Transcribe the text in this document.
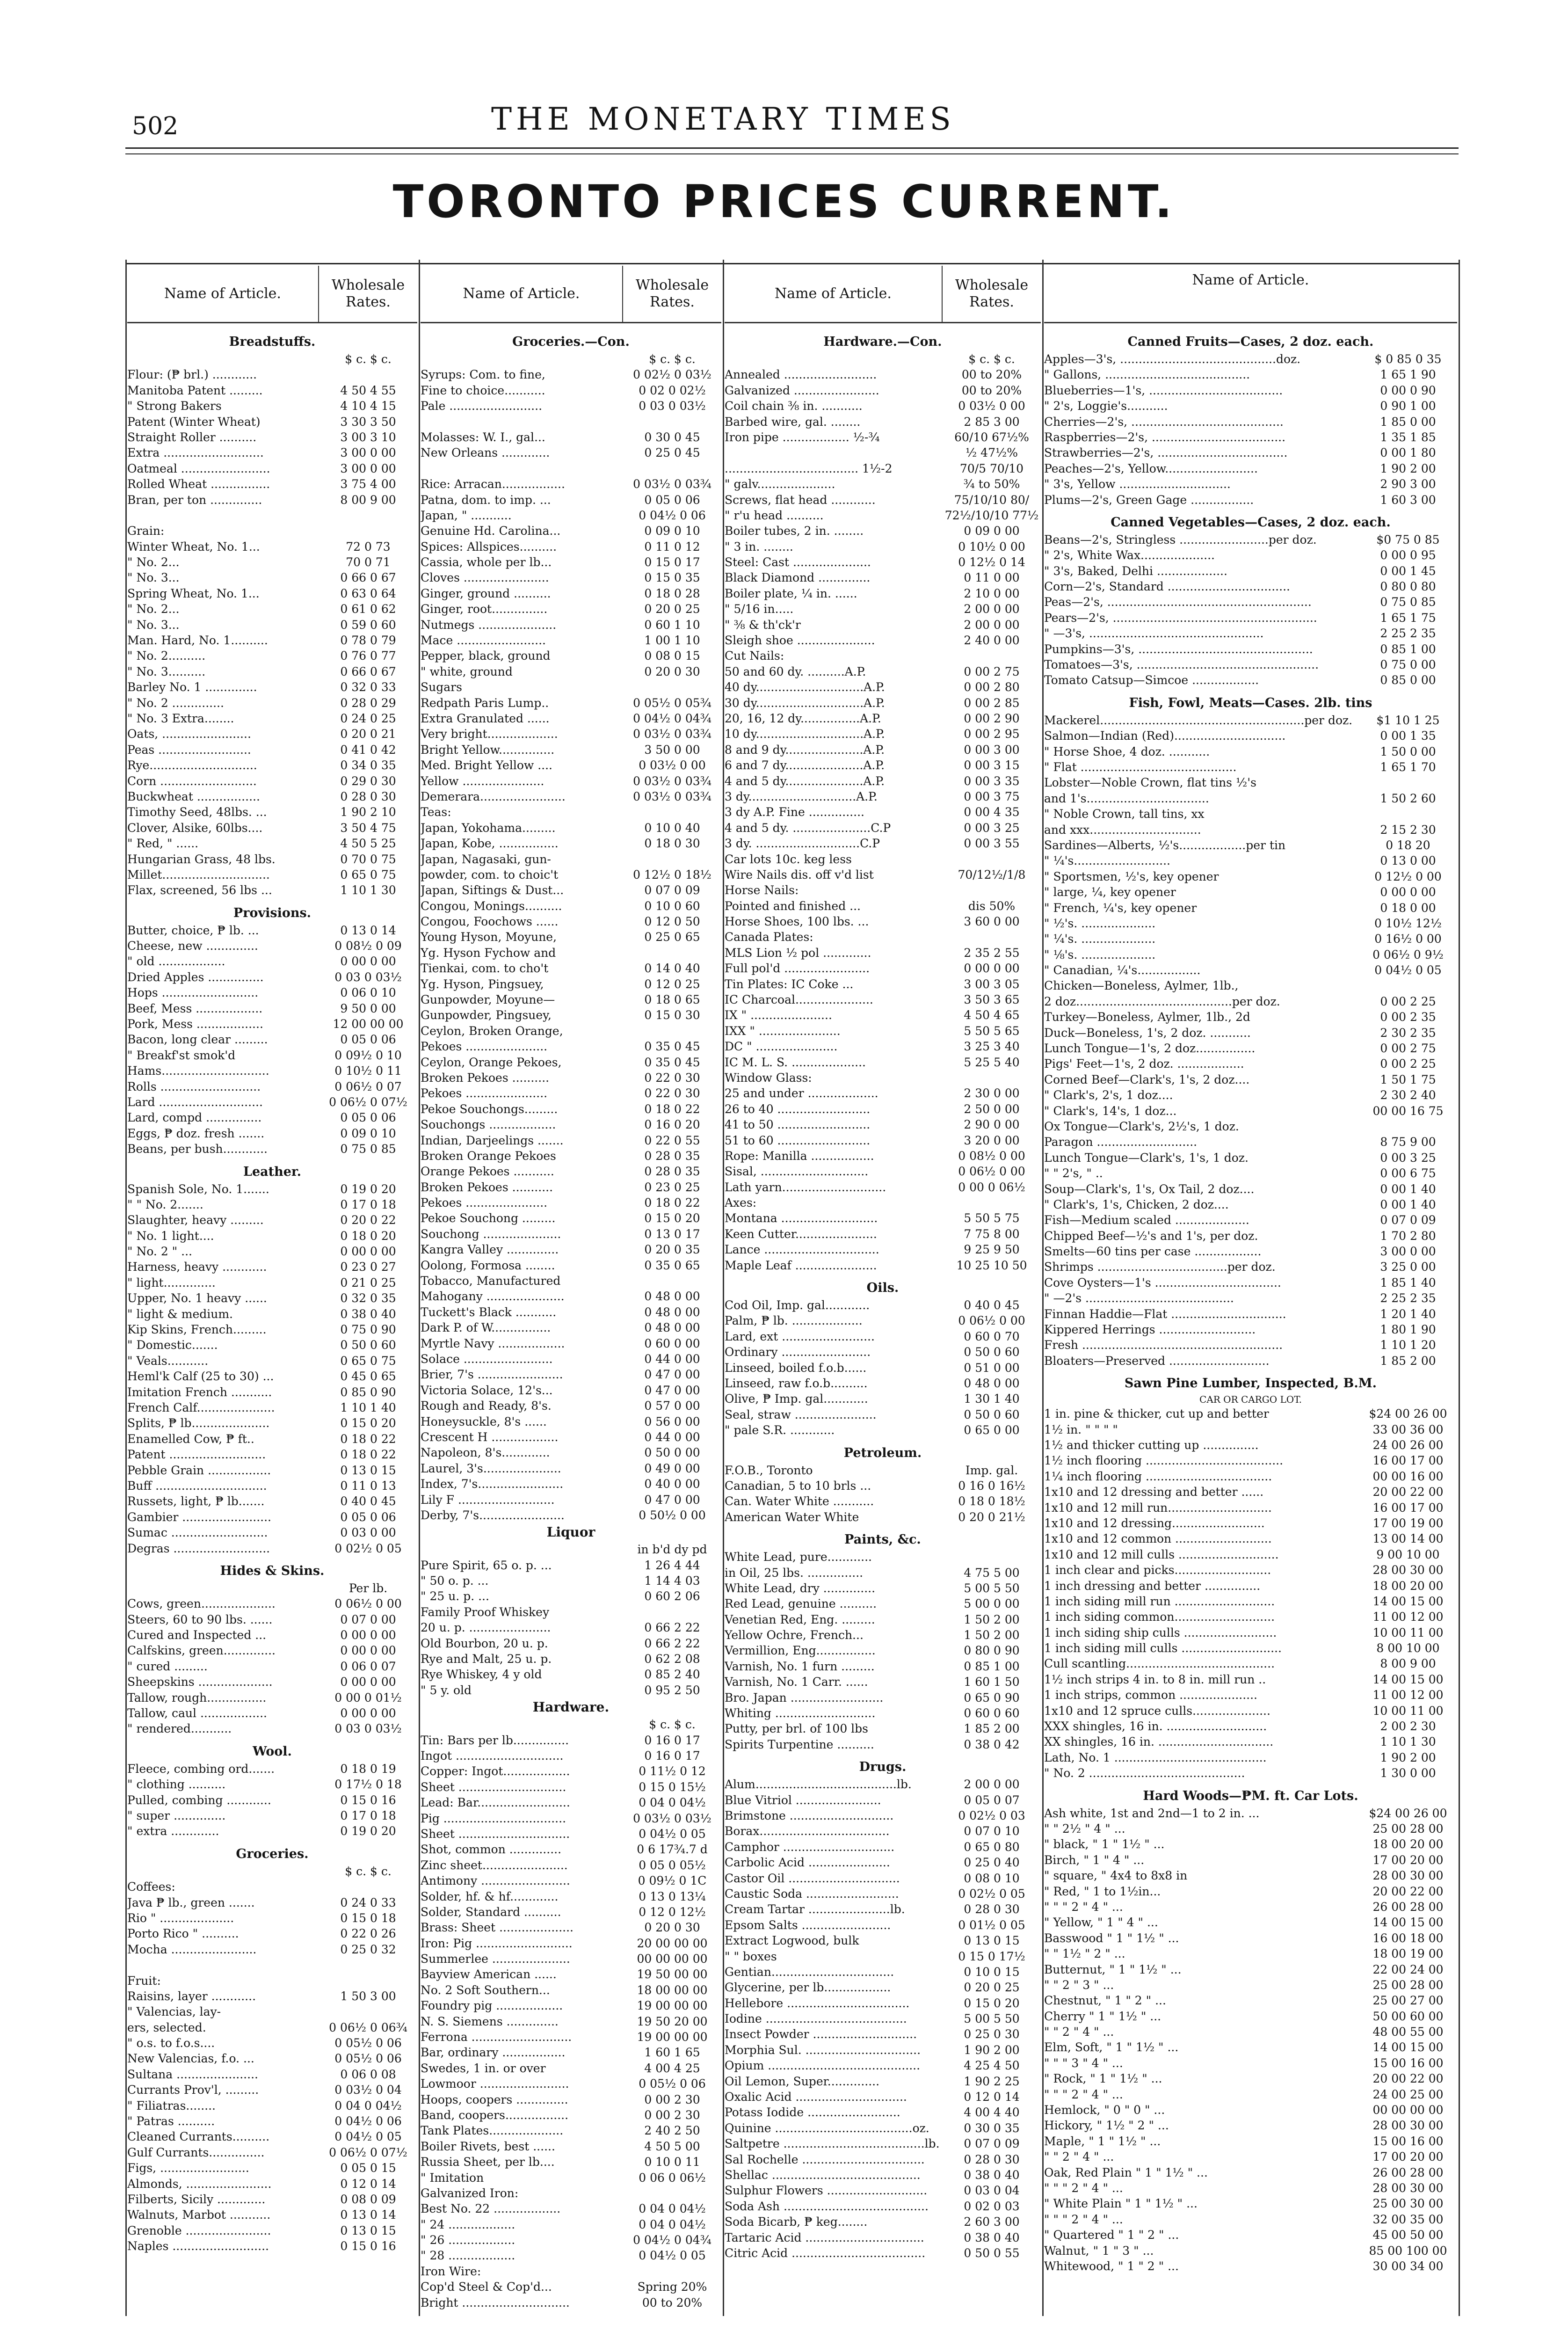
502	THE MONETARY TIMES
TORONTO PRICES CURRENT.
Name of Article.
Wholesale Rates.
Breadstuffs.
$ c. $ c.
Flour: (₱ brl.) ............
Manitoba Patent .........	4 50 4 55
" Strong Bakers	4 10 4 15
Patent (Winter Wheat)	3 30 3 50
Straight Roller ..........	3 00 3 10
Extra ...........................	3 00 0 00
Oatmeal ........................	3 00 0 00
Rolled Wheat ................	3 75 4 00
Bran, per ton ..............	8 00 9 00
Grain:
Winter Wheat, No. 1...	72 0 73
" No. 2...	70 0 71
" No. 3...	0 66 0 67
Spring Wheat, No. 1...	0 63 0 64
" No. 2...	0 61 0 62
" No. 3...	0 59 0 60
Man. Hard, No. 1..........	0 78 0 79
" No. 2..........	0 76 0 77
" No. 3..........	0 66 0 67
Barley No. 1 ..............	0 32 0 33
" No. 2 ..............	0 28 0 29
" No. 3 Extra........	0 24 0 25
Oats, ........................	0 20 0 21
Peas .........................	0 41 0 42
Rye.............................	0 34 0 35
Corn ..........................	0 29 0 30
Buckwheat .................	0 28 0 30
Timothy Seed, 48lbs. ...	1 90 2 10
Clover, Alsike, 60lbs....	3 50 4 75
" Red, " ......	4 50 5 25
Hungarian Grass, 48 lbs.	0 70 0 75
Millet.............................	0 65 0 75
Flax, screened, 56 lbs ...	1 10 1 30
Provisions.
Butter, choice, ₱ lb. ...	0 13 0 14
Cheese, new ..............	0 08½ 0 09
" old ..................	0 00 0 00
Dried Apples ...............	0 03 0 03½
Hops ..........................	0 06 0 10
Beef, Mess ..................	9 50 0 00
Pork, Mess ..................	12 00 00 00
Bacon, long clear .........	0 05 0 06
" Breakf'st smok'd	0 09½ 0 10
Hams.............................	0 10½ 0 11
Rolls ...........................	0 06½ 0 07
Lard ............................	0 06½ 0 07½
Lard, compd ...............	0 05 0 06
Eggs, ₱ doz. fresh .......	0 09 0 10
Beans, per bush............	0 75 0 85
Leather.
Spanish Sole, No. 1.......	0 19 0 20
" " No. 2.......	0 17 0 18
Slaughter, heavy .........	0 20 0 22
" No. 1 light....	0 18 0 20
" No. 2 " ...	0 00 0 00
Harness, heavy ............	0 23 0 27
" light..............	0 21 0 25
Upper, No. 1 heavy ......	0 32 0 35
" light & medium.	0 38 0 40
Kip Skins, French.........	0 75 0 90
" Domestic.......	0 50 0 60
" Veals...........	0 65 0 75
Heml'k Calf (25 to 30) ...	0 45 0 65
Imitation French ...........	0 85 0 90
French Calf.....................	1 10 1 40
Splits, ₱ lb.....................	0 15 0 20
Enamelled Cow, ₱ ft..	0 18 0 22
Patent ..........................	0 18 0 22
Pebble Grain .................	0 13 0 15
Buff ..............................	0 11 0 13
Russets, light, ₱ lb.......	0 40 0 45
Gambier ........................	0 05 0 06
Sumac ..........................	0 03 0 00
Degras ..........................	0 02½ 0 05
Hides & Skins.
Per lb.
Cows, green....................	0 06½ 0 00
Steers, 60 to 90 lbs. ......	0 07 0 00
Cured and Inspected ...	0 00 0 00
Calfskins, green..............	0 00 0 00
" cured .........	0 06 0 07
Sheepskins ....................	0 00 0 00
Tallow, rough................	0 00 0 01½
Tallow, caul ..................	0 00 0 00
" rendered...........	0 03 0 03½
Wool.
Fleece, combing ord.......	0 18 0 19
" clothing ..........	0 17½ 0 18
Pulled, combing ............	0 15 0 16
" super ..............	0 17 0 18
" extra .............	0 19 0 20
Groceries.
$ c. $ c.
Coffees:
Java ₱ lb., green .......	0 24 0 33
Rio " ....................	0 15 0 18
Porto Rico " ..........	0 22 0 26
Mocha .......................	0 25 0 32
Fruit:
Raisins, layer ............	1 50 3 00
" Valencias, lay-
ers, selected.	0 06½ 0 06¾
" o.s. to f.o.s....	0 05½ 0 06
New Valencias, f.o. ...	0 05½ 0 06
Sultana ......................	0 06 0 08
Currants Prov'l, .........	0 03½ 0 04
" Filiatras........	0 04 0 04½
" Patras ..........	0 04½ 0 06
Cleaned Currants..........	0 04½ 0 05
Gulf Currants...............	0 06½ 0 07½
Figs, ........................	0 05 0 15
Almonds, .......................	0 12 0 14
Filberts, Sicily .............	0 08 0 09
Walnuts, Marbot ...........	0 13 0 14
Grenoble .......................	0 13 0 15
Naples ..........................	0 15 0 16
Name of Article.
Wholesale Rates.
Groceries.—Con.
$ c. $ c.
Syrups: Com. to fine,	0 02½ 0 03½
Fine to choice...........	0 02 0 02½
Pale .........................	0 03 0 03½
Molasses: W. I., gal...	0 30 0 45
New Orleans .............	0 25 0 45
Rice: Arracan.................	0 03½ 0 03¾
Patna, dom. to imp. ...	0 05 0 06
Japan, " ...........	0 04½ 0 06
Genuine Hd. Carolina...	0 09 0 10
Spices: Allspices..........	0 11 0 12
Cassia, whole per lb...	0 15 0 17
Cloves .......................	0 15 0 35
Ginger, ground ..........	0 18 0 28
Ginger, root...............	0 20 0 25
Nutmegs .....................	0 60 1 10
Mace ........................	1 00 1 10
Pepper, black, ground	0 08 0 15
" white, ground	0 20 0 30
Sugars
Redpath Paris Lump..	0 05½ 0 05¾
Extra Granulated ......	0 04½ 0 04¾
Very bright...................	0 03½ 0 03¾
Bright Yellow...............	3 50 0 00
Med. Bright Yellow ....	0 03½ 0 00
Yellow ......................	0 03½ 0 03¾
Demerara.......................	0 03½ 0 03¾
Teas:
Japan, Yokohama.........	0 10 0 40
Japan, Kobe, ................	0 18 0 30
Japan, Nagasaki, gun-
powder, com. to choic't	0 12½ 0 18½
Japan, Siftings & Dust...	0 07 0 09
Congou, Monings..........	0 10 0 60
Congou, Foochows ......	0 12 0 50
Young Hyson, Moyune,	0 25 0 65
Yg. Hyson Fychow and
Tienkai, com. to cho't	0 14 0 40
Yg. Hyson, Pingsuey,	0 12 0 25
Gunpowder, Moyune—	0 18 0 65
Gunpowder, Pingsuey,	0 15 0 30
Ceylon, Broken Orange,
Pekoes ......................	0 35 0 45
Ceylon, Orange Pekoes,	0 35 0 45
Broken Pekoes ..........	0 22 0 30
Pekoes ......................	0 22 0 30
Pekoe Souchongs.........	0 18 0 22
Souchongs ..................	0 16 0 20
Indian, Darjeelings .......	0 22 0 55
Broken Orange Pekoes	0 28 0 35
Orange Pekoes ...........	0 28 0 35
Broken Pekoes ...........	0 23 0 25
Pekoes ......................	0 18 0 22
Pekoe Souchong .........	0 15 0 20
Souchong .....................	0 13 0 17
Kangra Valley ..............	0 20 0 35
Oolong, Formosa ........	0 35 0 65
Tobacco, Manufactured
Mahogany .....................	0 48 0 00
Tuckett's Black ...........	0 48 0 00
Dark P. of W................	0 48 0 00
Myrtle Navy ..................	0 60 0 00
Solace ........................	0 44 0 00
Brier, 7's .......................	0 47 0 00
Victoria Solace, 12's...	0 47 0 00
Rough and Ready, 8's.	0 57 0 00
Honeysuckle, 8's ......	0 56 0 00
Crescent H ..................	0 44 0 00
Napoleon, 8's.............	0 50 0 00
Laurel, 3's.....................	0 49 0 00
Index, 7's.......................	0 40 0 00
Lily F ..........................	0 47 0 00
Derby, 7's.......................	0 50½ 0 00
Liquor
in b'd dy pd
Pure Spirit, 65 o. p. ...	1 26 4 44
" 50 o. p. ...	1 14 4 03
" 25 u. p. ...	0 60 2 06
Family Proof Whiskey
20 u. p. ......................	0 66 2 22
Old Bourbon, 20 u. p.	0 66 2 22
Rye and Malt, 25 u. p.	0 62 2 08
Rye Whiskey, 4 y old	0 85 2 40
" 5 y. old	0 95 2 50
Hardware.
$ c. $ c.
Tin: Bars per lb...............	0 16 0 17
Ingot .............................	0 16 0 17
Copper: Ingot..................	0 11½ 0 12
Sheet .............................	0 15 0 15½
Lead: Bar.........................	0 04 0 04½
Pig .................................	0 03½ 0 03½
Sheet ..............................	0 04½ 0 05
Shot, common ..............	0 6 17¾.7 d
Zinc sheet.......................	0 05 0 05½
Antimony ........................	0 09½ 0 1C
Solder, hf. & hf.............	0 13 0 13¼
Solder, Standard ..........	0 12 0 12½
Brass: Sheet ....................	0 20 0 30
Iron: Pig ..........................	20 00 00 00
Summerlee .....................	00 00 00 00
Bayview American ......	19 50 00 00
No. 2 Soft Southern...	18 00 00 00
Foundry pig ..................	19 00 00 00
N. S. Siemens ..............	19 50 20 00
Ferrona ...........................	19 00 00 00
Bar, ordinary .................	1 60 1 65
Swedes, 1 in. or over	4 00 4 25
Lowmoor ........................	0 05½ 0 06
Hoops, coopers ..............	0 00 2 30
Band, coopers.................	0 00 2 30
Tank Plates....................	2 40 2 50
Boiler Rivets, best ......	4 50 5 00
Russia Sheet, per lb....	0 10 0 11
" Imitation	0 06 0 06½
Galvanized Iron:
Best No. 22 ..................	0 04 0 04½
" 24 ..................	0 04 0 04½
" 26 ..................	0 04½ 0 04¾
" 28 ..................	0 04½ 0 05
Iron Wire:
Cop'd Steel & Cop'd...	Spring 20%
Bright .............................	00 to 20%
Name of Article.
Wholesale Rates.
Hardware.—Con.
$ c. $ c.
Annealed .........................	00 to 20%
Galvanized .......................	00 to 20%
Coil chain ⅜ in. ...........	0 03½ 0 00
Barbed wire, gal. ........	2 85 3 00
Iron pipe .................. ½-¾	60/10 67½%
½ 47½%
.................................... 1½-2	70/5 70/10
" galv.....................	¾ to 50%
Screws, flat head ............	75/10/10 80/
" r'u head ..........	72½/10/10 77½
Boiler tubes, 2 in. ........	0 09 0 00
" 3 in. ........	0 10½ 0 00
Steel: Cast .....................	0 12½ 0 14
Black Diamond ..............	0 11 0 00
Boiler plate, ¼ in. ......	2 10 0 00
" 5/16 in.....	2 00 0 00
" ⅜ & th'ck'r	2 00 0 00
Sleigh shoe .....................	2 40 0 00
Cut Nails:
50 and 60 dy. ..........A.P.	0 00 2 75
40 dy.............................A.P.	0 00 2 80
30 dy.............................A.P.	0 00 2 85
20, 16, 12 dy................A.P.	0 00 2 90
10 dy.............................A.P.	0 00 2 95
8 and 9 dy.....................A.P.	0 00 3 00
6 and 7 dy.....................A.P.	0 00 3 15
4 and 5 dy.....................A.P.	0 00 3 35
3 dy.............................A.P.	0 00 3 75
3 dy A.P. Fine ...............	0 00 4 35
4 and 5 dy. .....................C.P	0 00 3 25
3 dy. ............................C.P	0 00 3 55
Car lots 10c. keg less
Wire Nails dis. off v'd list	70/12½/1/8
Horse Nails:
Pointed and finished ...	dis 50%
Horse Shoes, 100 lbs. ...	3 60 0 00
Canada Plates:
MLS Lion ½ pol .............	2 35 2 55
Full pol'd .......................	0 00 0 00
Tin Plates: IC Coke ...	3 00 3 05
IC Charcoal.....................	3 50 3 65
IX " ......................	4 50 4 65
IXX " ......................	5 50 5 65
DC " ......................	3 25 3 40
IC M. L. S. ....................	5 25 5 40
Window Glass:
25 and under ...................	2 30 0 00
26 to 40 .........................	2 50 0 00
41 to 50 .........................	2 90 0 00
51 to 60 .........................	3 20 0 00
Rope: Manilla .................	0 08½ 0 00
Sisal, .............................	0 06½ 0 00
Lath yarn............................	0 00 0 06½
Axes:
Montana ..........................	5 50 5 75
Keen Cutter......................	7 75 8 00
Lance ...............................	9 25 9 50
Maple Leaf ......................	10 25 10 50
Oils.
Cod Oil, Imp. gal............	0 40 0 45
Palm, ₱ lb. ...................	0 06½ 0 00
Lard, ext .........................	0 60 0 70
Ordinary ........................	0 50 0 60
Linseed, boiled f.o.b......	0 51 0 00
Linseed, raw f.o.b..........	0 48 0 00
Olive, ₱ Imp. gal............	1 30 1 40
Seal, straw ......................	0 50 0 60
" pale S.R. ............	0 65 0 00
Petroleum.
F.O.B., Toronto	Imp. gal.
Canadian, 5 to 10 brls ...	0 16 0 16½
Can. Water White ...........	0 18 0 18½
American Water White	0 20 0 21½
Paints, &c.
White Lead, pure............
in Oil, 25 lbs. ...............	4 75 5 00
White Lead, dry ..............	5 00 5 50
Red Lead, genuine ..........	5 00 0 00
Venetian Red, Eng. .........	1 50 2 00
Yellow Ochre, French...	1 50 2 00
Vermillion, Eng................	0 80 0 90
Varnish, No. 1 furn .........	0 85 1 00
Varnish, No. 1 Carr. ......	1 60 1 50
Bro. Japan .........................	0 65 0 90
Whiting ...........................	0 60 0 60
Putty, per brl. of 100 lbs	1 85 2 00
Spirits Turpentine ..........	0 38 0 42
Drugs.
Alum......................................lb.	2 00 0 00
Blue Vitriol .......................	0 05 0 07
Brimstone ............................	0 02½ 0 03
Borax...................................	0 07 0 10
Camphor ..............................	0 65 0 80
Carbolic Acid ......................	0 25 0 40
Castor Oil ..............................	0 08 0 10
Caustic Soda .........................	0 02½ 0 05
Cream Tartar ......................lb.	0 28 0 30
Epsom Salts ........................	0 01½ 0 05
Extract Logwood, bulk	0 13 0 15
" " boxes	0 15 0 17½
Gentian.................................	0 10 0 15
Glycerine, per lb..................	0 20 0 25
Hellebore .................................	0 15 0 20
Iodine ......................................	5 00 5 50
Insect Powder ............................	0 25 0 30
Morphia Sul. ...............................	1 90 2 00
Opium .........................................	4 25 4 50
Oil Lemon, Super..............	1 90 2 25
Oxalic Acid ..............................	0 12 0 14
Potass Iodide .........................	4 00 4 40
Quinine .....................................oz.	0 30 0 35
Saltpetre ......................................lb.	0 07 0 09
Sal Rochelle .................................	0 28 0 30
Shellac ........................................	0 38 0 40
Sulphur Flowers ...........................	0 03 0 04
Soda Ash .......................................	0 02 0 03
Soda Bicarb, ₱ keg........	2 60 3 00
Tartaric Acid ................................	0 38 0 40
Citric Acid ....................................	0 50 0 55
Name of Article.
Canned Fruits—Cases, 2 doz. each.
Apples—3's, ..........................................doz.	$ 0 85 0 35
" Gallons, .......................................	1 65 1 90
Blueberries—1's, ....................................	0 00 0 90
" 2's, Loggie's...........	0 90 1 00
Cherries—2's, .........................................	1 85 0 00
Raspberries—2's, ....................................	1 35 1 85
Strawberries—2's, ...................................	0 00 1 80
Peaches—2's, Yellow.........................	1 90 2 00
" 3's, Yellow ..............................	2 90 3 00
Plums—2's, Green Gage .................	1 60 3 00
Canned Vegetables—Cases, 2 doz. each.
Beans—2's, Stringless ........................per doz.	$0 75 0 85
" 2's, White Wax....................	0 00 0 95
" 3's, Baked, Delhi ...................	0 00 1 45
Corn—2's, Standard .................................	0 80 0 80
Peas—2's, .......................................................	0 75 0 85
Pears—2's, .......................................................	1 65 1 75
" —3's, ...............................................	2 25 2 35
Pumpkins—3's, ...............................................	0 85 1 00
Tomatoes—3's, .................................................	0 75 0 00
Tomato Catsup—Simcoe ..................	0 85 0 00
Fish, Fowl, Meats—Cases. 2lb. tins
Mackerel.......................................................per doz.	$1 10 1 25
Salmon—Indian (Red)..............................	0 00 1 35
" Horse Shoe, 4 doz. ...........	1 50 0 00
" Flat ..........................................	1 65 1 70
Lobster—Noble Crown, flat tins ½'s
and 1's.................................	1 50 2 60
" Noble Crown, tall tins, xx
and xxx..............................	2 15 2 30
Sardines—Alberts, ½'s..................per tin	0 18 20
" ¼'s..........................	0 13 0 00
" Sportsmen, ½'s, key opener	0 12½ 0 00
" large, ¼, key opener	0 00 0 00
" French, ¼'s, key opener	0 18 0 00
" ½'s. ....................	0 10½ 12½
" ¼'s. ....................	0 16½ 0 00
" ⅛'s. ....................	0 06½ 0 9½
" Canadian, ¼'s.................	0 04½ 0 05
Chicken—Boneless, Aylmer, 1lb.,
2 doz..........................................per doz.	0 00 2 25
Turkey—Boneless, Aylmer, 1lb., 2d	0 00 2 35
Duck—Boneless, 1's, 2 doz. ...........	2 30 2 35
Lunch Tongue—1's, 2 doz................	0 00 2 75
Pigs' Feet—1's, 2 doz. ..................	0 00 2 25
Corned Beef—Clark's, 1's, 2 doz....	1 50 1 75
" Clark's, 2's, 1 doz....	2 30 2 40
" Clark's, 14's, 1 doz...	00 00 16 75
Ox Tongue—Clark's, 2½'s, 1 doz.
Paragon ...........................	8 75 9 00
Lunch Tongue—Clark's, 1's, 1 doz.	0 00 3 25
" " 2's, " ..	0 00 6 75
Soup—Clark's, 1's, Ox Tail, 2 doz....	0 00 1 40
" Clark's, 1's, Chicken, 2 doz....	0 00 1 40
Fish—Medium scaled ....................	0 07 0 09
Chipped Beef—½'s and 1's, per doz.	1 70 2 80
Smelts—60 tins per case ..................	3 00 0 00
Shrimps ...................................per doz.	3 25 0 00
Cove Oysters—1's ..................................	1 85 1 40
" —2's ........................................	2 25 2 35
Finnan Haddie—Flat ...............................	1 20 1 40
Kippered Herrings ..........................	1 80 1 90
Fresh ......................................................	1 10 1 20
Bloaters—Preserved ...........................	1 85 2 00
Sawn Pine Lumber, Inspected, B.M.
CAR OR CARGO LOT.
1 in. pine & thicker, cut up and better	$24 00 26 00
1½ in. " " " "	33 00 36 00
1½ and thicker cutting up ...............	24 00 26 00
1½ inch flooring .....................................	16 00 17 00
1¼ inch flooring ..................................	00 00 16 00
1x10 and 12 dressing and better ......	20 00 22 00
1x10 and 12 mill run............................	16 00 17 00
1x10 and 12 dressing.........................	17 00 19 00
1x10 and 12 common ..........................	13 00 14 00
1x10 and 12 mill culls ...........................	9 00 10 00
1 inch clear and picks..........................	28 00 30 00
1 inch dressing and better ...............	18 00 20 00
1 inch siding mill run ...........................	14 00 15 00
1 inch siding common...........................	11 00 12 00
1 inch siding ship culls .........................	10 00 11 00
1 inch siding mill culls ...........................	8 00 10 00
Cull scantling........................................	8 00 9 00
1½ inch strips 4 in. to 8 in. mill run ..	14 00 15 00
1 inch strips, common .....................	11 00 12 00
1x10 and 12 spruce culls.....................	10 00 11 00
XXX shingles, 16 in. ...........................	2 00 2 30
XX shingles, 16 in. ...............................	1 10 1 30
Lath, No. 1 .........................................	1 90 2 00
" No. 2 ..........................................	1 30 0 00
Hard Woods—₱M. ft. Car Lots.
Ash white, 1st and 2nd—1 to 2 in. ...	$24 00 26 00
" " 2½ " 4 " ...	25 00 28 00
" black, " 1 " 1½ " ...	18 00 20 00
Birch, " 1 " 4 " ...	17 00 20 00
" square, " 4x4 to 8x8 in	28 00 30 00
" Red, " 1 to 1½in...	20 00 22 00
" " " 2 " 4 " ...	26 00 28 00
" Yellow, " 1 " 4 " ...	14 00 15 00
Basswood " 1 " 1½ " ...	16 00 18 00
" " 1½ " 2 " ...	18 00 19 00
Butternut, " 1 " 1½ " ...	22 00 24 00
" " 2 " 3 " ...	25 00 28 00
Chestnut, " 1 " 2 " ...	25 00 27 00
Cherry " 1 " 1½ " ...	50 00 60 00
" " 2 " 4 " ...	48 00 55 00
Elm, Soft, " 1 " 1½ " ...	14 00 15 00
" " " 3 " 4 " ...	15 00 16 00
" Rock, " 1 " 1½ " ...	20 00 22 00
" " " 2 " 4 " ...	24 00 25 00
Hemlock, " 0 " 0 " ...	00 00 00 00
Hickory, " 1½ " 2 " ...	28 00 30 00
Maple, " 1 " 1½ " ...	15 00 16 00
" " 2 " 4 " ...	17 00 20 00
Oak, Red Plain " 1 " 1½ " ...	26 00 28 00
" " " 2 " 4 " ...	28 00 30 00
" White Plain " 1 " 1½ " ...	25 00 30 00
" " " 2 " 4 " ...	32 00 35 00
" Quartered " 1 " 2 " ...	45 00 50 00
Walnut, " 1 " 3 " ...	85 00 100 00
Whitewood, " 1 " 2 " ...	30 00 34 00
